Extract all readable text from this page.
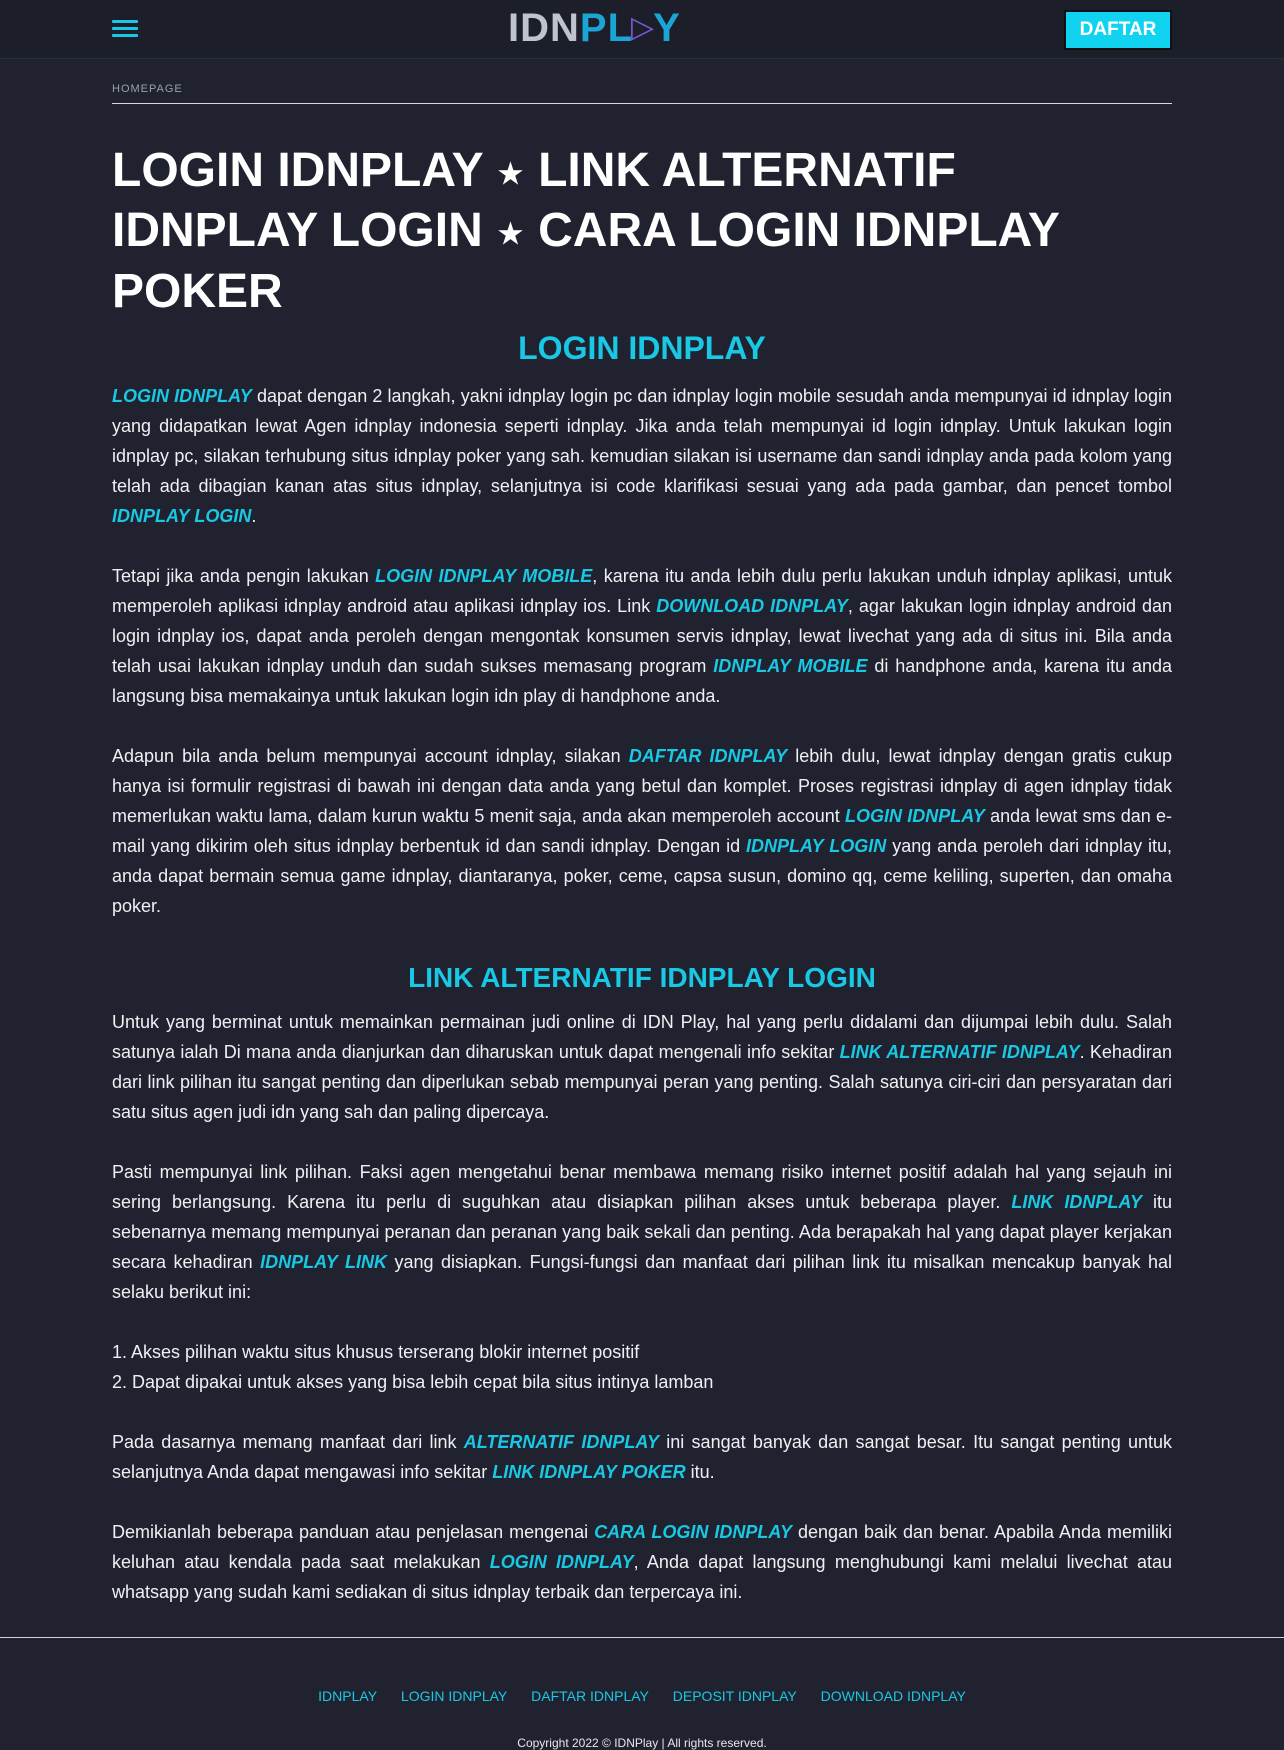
IDNPL▷Y	DAFTAR
HOMEPAGE
LOGIN IDNPLAY ★ LINK ALTERNATIF IDNPLAY LOGIN ★ CARA LOGIN IDNPLAY POKER
LOGIN IDNPLAY

LOGIN IDNPLAY dapat dengan 2 langkah, yakni idnplay login pc dan idnplay login mobile sesudah anda mempunyai id idnplay login yang didapatkan lewat Agen idnplay indonesia seperti idnplay. Jika anda telah mempunyai id login idnplay. Untuk lakukan login idnplay pc, silakan terhubung situs idnplay poker yang sah. kemudian silakan isi username dan sandi idnplay anda pada kolom yang telah ada dibagian kanan atas situs idnplay, selanjutnya isi code klarifikasi sesuai yang ada pada gambar, dan pencet tombol IDNPLAY LOGIN.

Tetapi jika anda pengin lakukan LOGIN IDNPLAY MOBILE, karena itu anda lebih dulu perlu lakukan unduh idnplay aplikasi, untuk memperoleh aplikasi idnplay android atau aplikasi idnplay ios. Link DOWNLOAD IDNPLAY, agar lakukan login idnplay android dan login idnplay ios, dapat anda peroleh dengan mengontak konsumen servis idnplay, lewat livechat yang ada di situs ini. Bila anda telah usai lakukan idnplay unduh dan sudah sukses memasang program IDNPLAY MOBILE di handphone anda, karena itu anda langsung bisa memakainya untuk lakukan login idn play di handphone anda.

Adapun bila anda belum mempunyai account idnplay, silakan DAFTAR IDNPLAY lebih dulu, lewat idnplay dengan gratis cukup hanya isi formulir registrasi di bawah ini dengan data anda yang betul dan komplet. Proses registrasi idnplay di agen idnplay tidak memerlukan waktu lama, dalam kurun waktu 5 menit saja, anda akan memperoleh account LOGIN IDNPLAY anda lewat sms dan e-mail yang dikirim oleh situs idnplay berbentuk id dan sandi idnplay. Dengan id IDNPLAY LOGIN yang anda peroleh dari idnplay itu, anda dapat bermain semua game idnplay, diantaranya, poker, ceme, capsa susun, domino qq, ceme keliling, superten, dan omaha poker.

LINK ALTERNATIF IDNPLAY LOGIN

Untuk yang berminat untuk memainkan permainan judi online di IDN Play, hal yang perlu didalami dan dijumpai lebih dulu. Salah satunya ialah Di mana anda dianjurkan dan diharuskan untuk dapat mengenali info sekitar LINK ALTERNATIF IDNPLAY. Kehadiran dari link pilihan itu sangat penting dan diperlukan sebab mempunyai peran yang penting. Salah satunya ciri-ciri dan persyaratan dari satu situs agen judi idn yang sah dan paling dipercaya.

Pasti mempunyai link pilihan. Faksi agen mengetahui benar membawa memang risiko internet positif adalah hal yang sejauh ini sering berlangsung. Karena itu perlu di suguhkan atau disiapkan pilihan akses untuk beberapa player. LINK IDNPLAY itu sebenarnya memang mempunyai peranan dan peranan yang baik sekali dan penting. Ada berapakah hal yang dapat player kerjakan secara kehadiran IDNPLAY LINK yang disiapkan. Fungsi-fungsi dan manfaat dari pilihan link itu misalkan mencakup banyak hal selaku berikut ini:

1. Akses pilihan waktu situs khusus terserang blokir internet positif

2. Dapat dipakai untuk akses yang bisa lebih cepat bila situs intinya lamban

Pada dasarnya memang manfaat dari link ALTERNATIF IDNPLAY ini sangat banyak dan sangat besar. Itu sangat penting untuk selanjutnya Anda dapat mengawasi info sekitar LINK IDNPLAY POKER itu.

Demikianlah beberapa panduan atau penjelasan mengenai CARA LOGIN IDNPLAY dengan baik dan benar. Apabila Anda memiliki keluhan atau kendala pada saat melakukan LOGIN IDNPLAY, Anda dapat langsung menghubungi kami melalui livechat atau whatsapp yang sudah kami sediakan di situs idnplay terbaik dan terpercaya ini.

IDNPLAY LOGIN IDNPLAY DAFTAR IDNPLAY DEPOSIT IDNPLAY DOWNLOAD IDNPLAY
Copyright 2022 © IDNPlay | All rights reserved.
